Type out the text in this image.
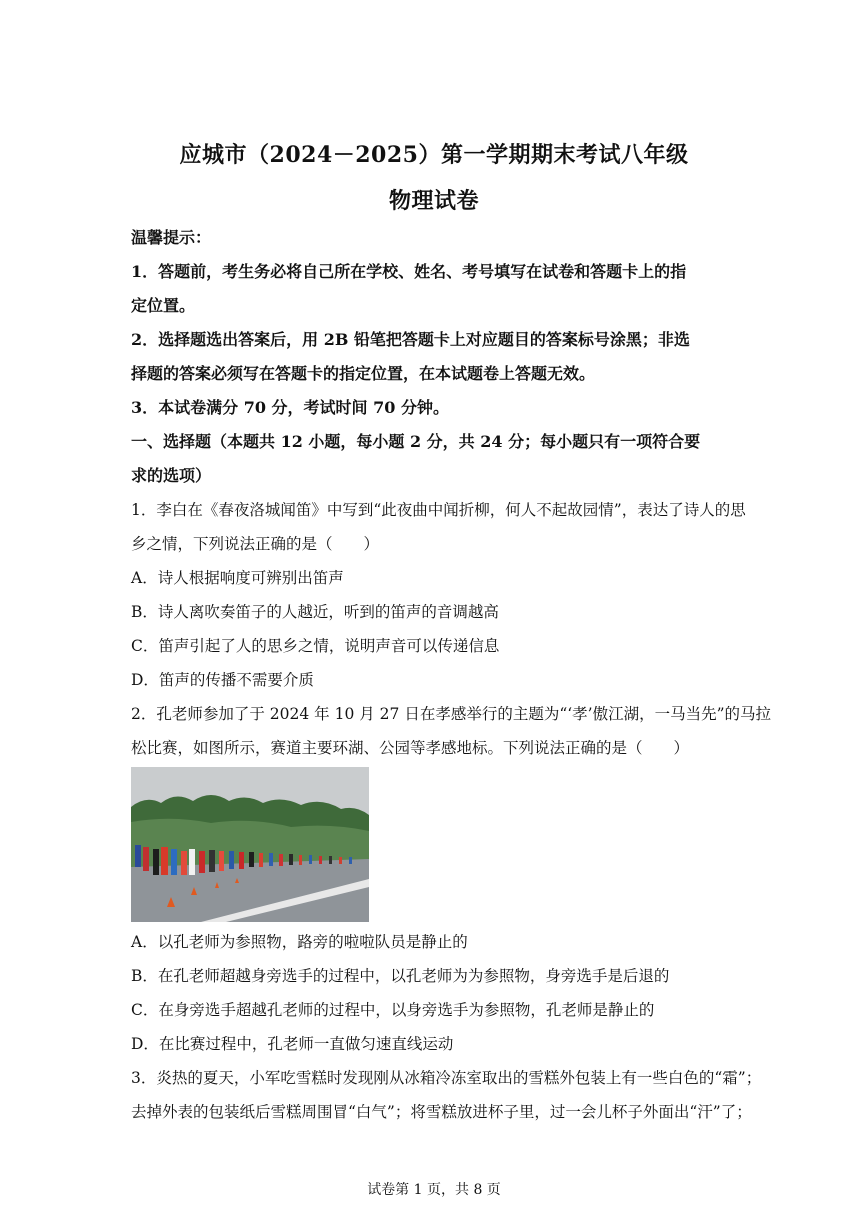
应城市（2024－2025）第一学期期末考试八年级
物理试卷
温馨提示：
1．答题前，考生务必将自己所在学校、姓名、考号填写在试卷和答题卡上的指
定位置。
2．选择题选出答案后，用 2B 铅笔把答题卡上对应题目的答案标号涂黑；非选
择题的答案必须写在答题卡的指定位置，在本试题卷上答题无效。
3．本试卷满分 70 分，考试时间 70 分钟。
一、选择题（本题共 12 小题，每小题 2 分，共 24 分；每小题只有一项符合要
求的选项）
1．李白在《春夜洛城闻笛》中写到“此夜曲中闻折柳，何人不起故园情”，表达了诗人的思
乡之情，下列说法正确的是（　　）
A．诗人根据响度可辨别出笛声
B．诗人离吹奏笛子的人越近，听到的笛声的音调越高
C．笛声引起了人的思乡之情，说明声音可以传递信息
D．笛声的传播不需要介质
2．孔老师参加了于 2024 年 10 月 27 日在孝感举行的主题为“‘孝’傲江湖，一马当先”的马拉
松比赛，如图所示，赛道主要环湖、公园等孝感地标。下列说法正确的是（　　）
A．以孔老师为参照物，路旁的啦啦队员是静止的
B．在孔老师超越身旁选手的过程中，以孔老师为为参照物，身旁选手是后退的
C．在身旁选手超越孔老师的过程中，以身旁选手为参照物，孔老师是静止的
D．在比赛过程中，孔老师一直做匀速直线运动
3．炎热的夏天，小军吃雪糕时发现刚从冰箱冷冻室取出的雪糕外包装上有一些白色的“霜”；
去掉外表的包装纸后雪糕周围冒“白气”；将雪糕放进杯子里，过一会儿杯子外面出“汗”了；
试卷第 1 页，共 8 页
